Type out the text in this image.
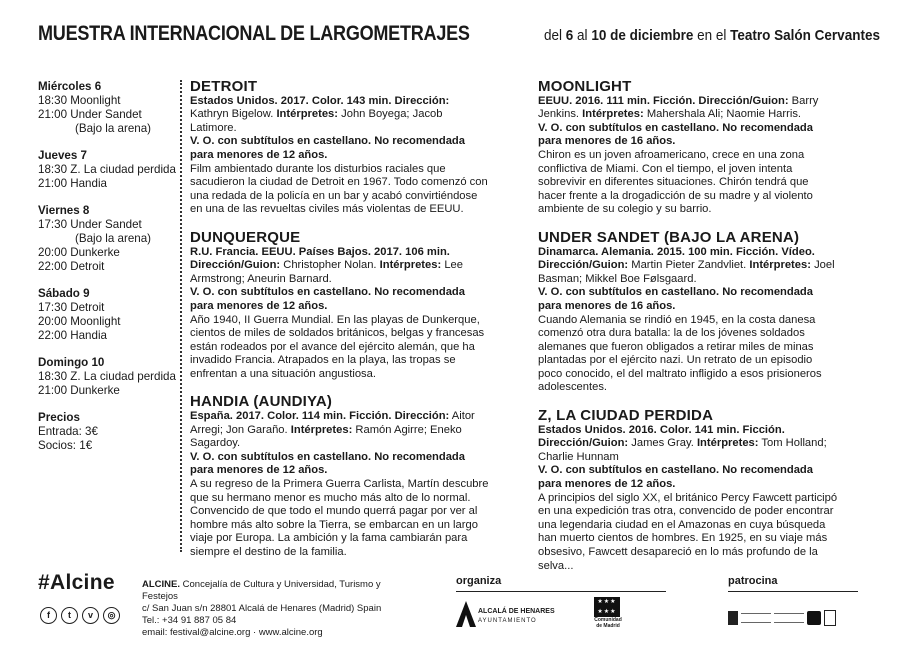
MUESTRA INTERNACIONAL DE LARGOMETRAJES	del 6 al 10 de diciembre en el Teatro Salón Cervantes
Miércoles 6
18:30 Moonlight
21:00 Under Sandet
(Bajo la arena)
Jueves 7
18:30 Z. La ciudad perdida
21:00 Handia
Viernes 8
17:30 Under Sandet
(Bajo la arena)
20:00 Dunkerke
22:00 Detroit
Sábado 9
17:30 Detroit
20:00 Moonlight
22:00 Handia
Domingo 10
18:30 Z. La ciudad perdida
21:00 Dunkerke
Precios
Entrada: 3€
Socios: 1€
DETROIT

Estados Unidos. 2017. Color. 143 min. Dirección: Kathryn Bigelow. Intérpretes: John Boyega; Jacob Latimore.

V. O. con subtítulos en castellano. No recomendada para menores de 12 años.

Film ambientado durante los disturbios raciales que sacudieron la ciudad de Detroit en 1967. Todo comenzó con una redada de la policía en un bar y acabó convirtiéndose en una de las revueltas civiles más violentas de EEUU.

DUNQUERQUE

R.U. Francia. EEUU. Países Bajos. 2017. 106 min. Dirección/Guion: Christopher Nolan. Intérpretes: Lee Armstrong; Aneurin Barnard.

V. O. con subtítulos en castellano. No recomendada para menores de 12 años.

Año 1940, II Guerra Mundial. En las playas de Dunkerque, cientos de miles de soldados británicos, belgas y francesas están rodeados por el avance del ejército alemán, que ha invadido Francia. Atrapados en la playa, las tropas se enfrentan a una situación angustiosa.

HANDIA (AUNDIYA)

España. 2017. Color. 114 min. Ficción. Dirección: Aitor Arregi; Jon Garaño. Intérpretes: Ramón Agirre; Eneko Sagardoy.

V. O. con subtítulos en castellano. No recomendada para menores de 12 años.

A su regreso de la Primera Guerra Carlista, Martín descubre que su hermano menor es mucho más alto de lo normal. Convencido de que todo el mundo querrá pagar por ver al hombre más alto sobre la Tierra, se embarcan en un largo viaje por Europa. La ambición y la fama cambiarán para siempre el destino de la familia.

MOONLIGHT

EEUU. 2016. 111 min. Ficción. Dirección/Guion: Barry Jenkins. Intérpretes: Mahershala Ali; Naomie Harris.

V. O. con subtítulos en castellano. No recomendada para menores de 16 años.

Chiron es un joven afroamericano, crece en una zona conflictiva de Miami. Con el tiempo, el joven intenta sobrevivir en diferentes situaciones. Chirón tendrá que hacer frente a la drogadicción de su madre y al violento ambiente de su colegio y su barrio.

UNDER SANDET (BAJO LA ARENA)

Dinamarca. Alemania. 2015. 100 min. Ficción. Vídeo. Dirección/Guion: Martin Pieter Zandvliet. Intérpretes: Joel Basman; Mikkel Boe Følsgaard.

V. O. con subtítulos en castellano. No recomendada para menores de 16 años.

Cuando Alemania se rindió en 1945, en la costa danesa comenzó otra dura batalla: la de los jóvenes soldados alemanes que fueron obligados a retirar miles de minas plantadas por el ejército nazi. Un retrato de un episodio poco conocido, el del maltrato infligido a esos prisioneros adolescentes.

Z, LA CIUDAD PERDIDA

Estados Unidos. 2016. Color. 141 min. Ficción. Dirección/Guion: James Gray. Intérpretes: Tom Holland; Charlie Hunnam

V. O. con subtítulos en castellano. No recomendada para menores de 12 años.

A principios del siglo XX, el británico Percy Fawcett participó en una expedición tras otra, convencido de poder encontrar una legendaria ciudad en el Amazonas en cuya búsqueda han muerto cientos de hombres. En 1925, en su viaje más obsesivo, Fawcett desapareció en lo más profundo de la selva...

#Alcine
f	t	v	◎
ALCINE. Concejalía de Cultura y Universidad, Turismo y Festejos
c/ San Juan s/n 28801 Alcalá de Henares (Madrid) Spain
Tel.: +34 91 887 05 84
email: festival@alcine.org · www.alcine.org
organiza
ALCALÁ DE HENARES
AYUNTAMIENTO
★★★
★★★
Comunidad
de Madrid
patrocina
